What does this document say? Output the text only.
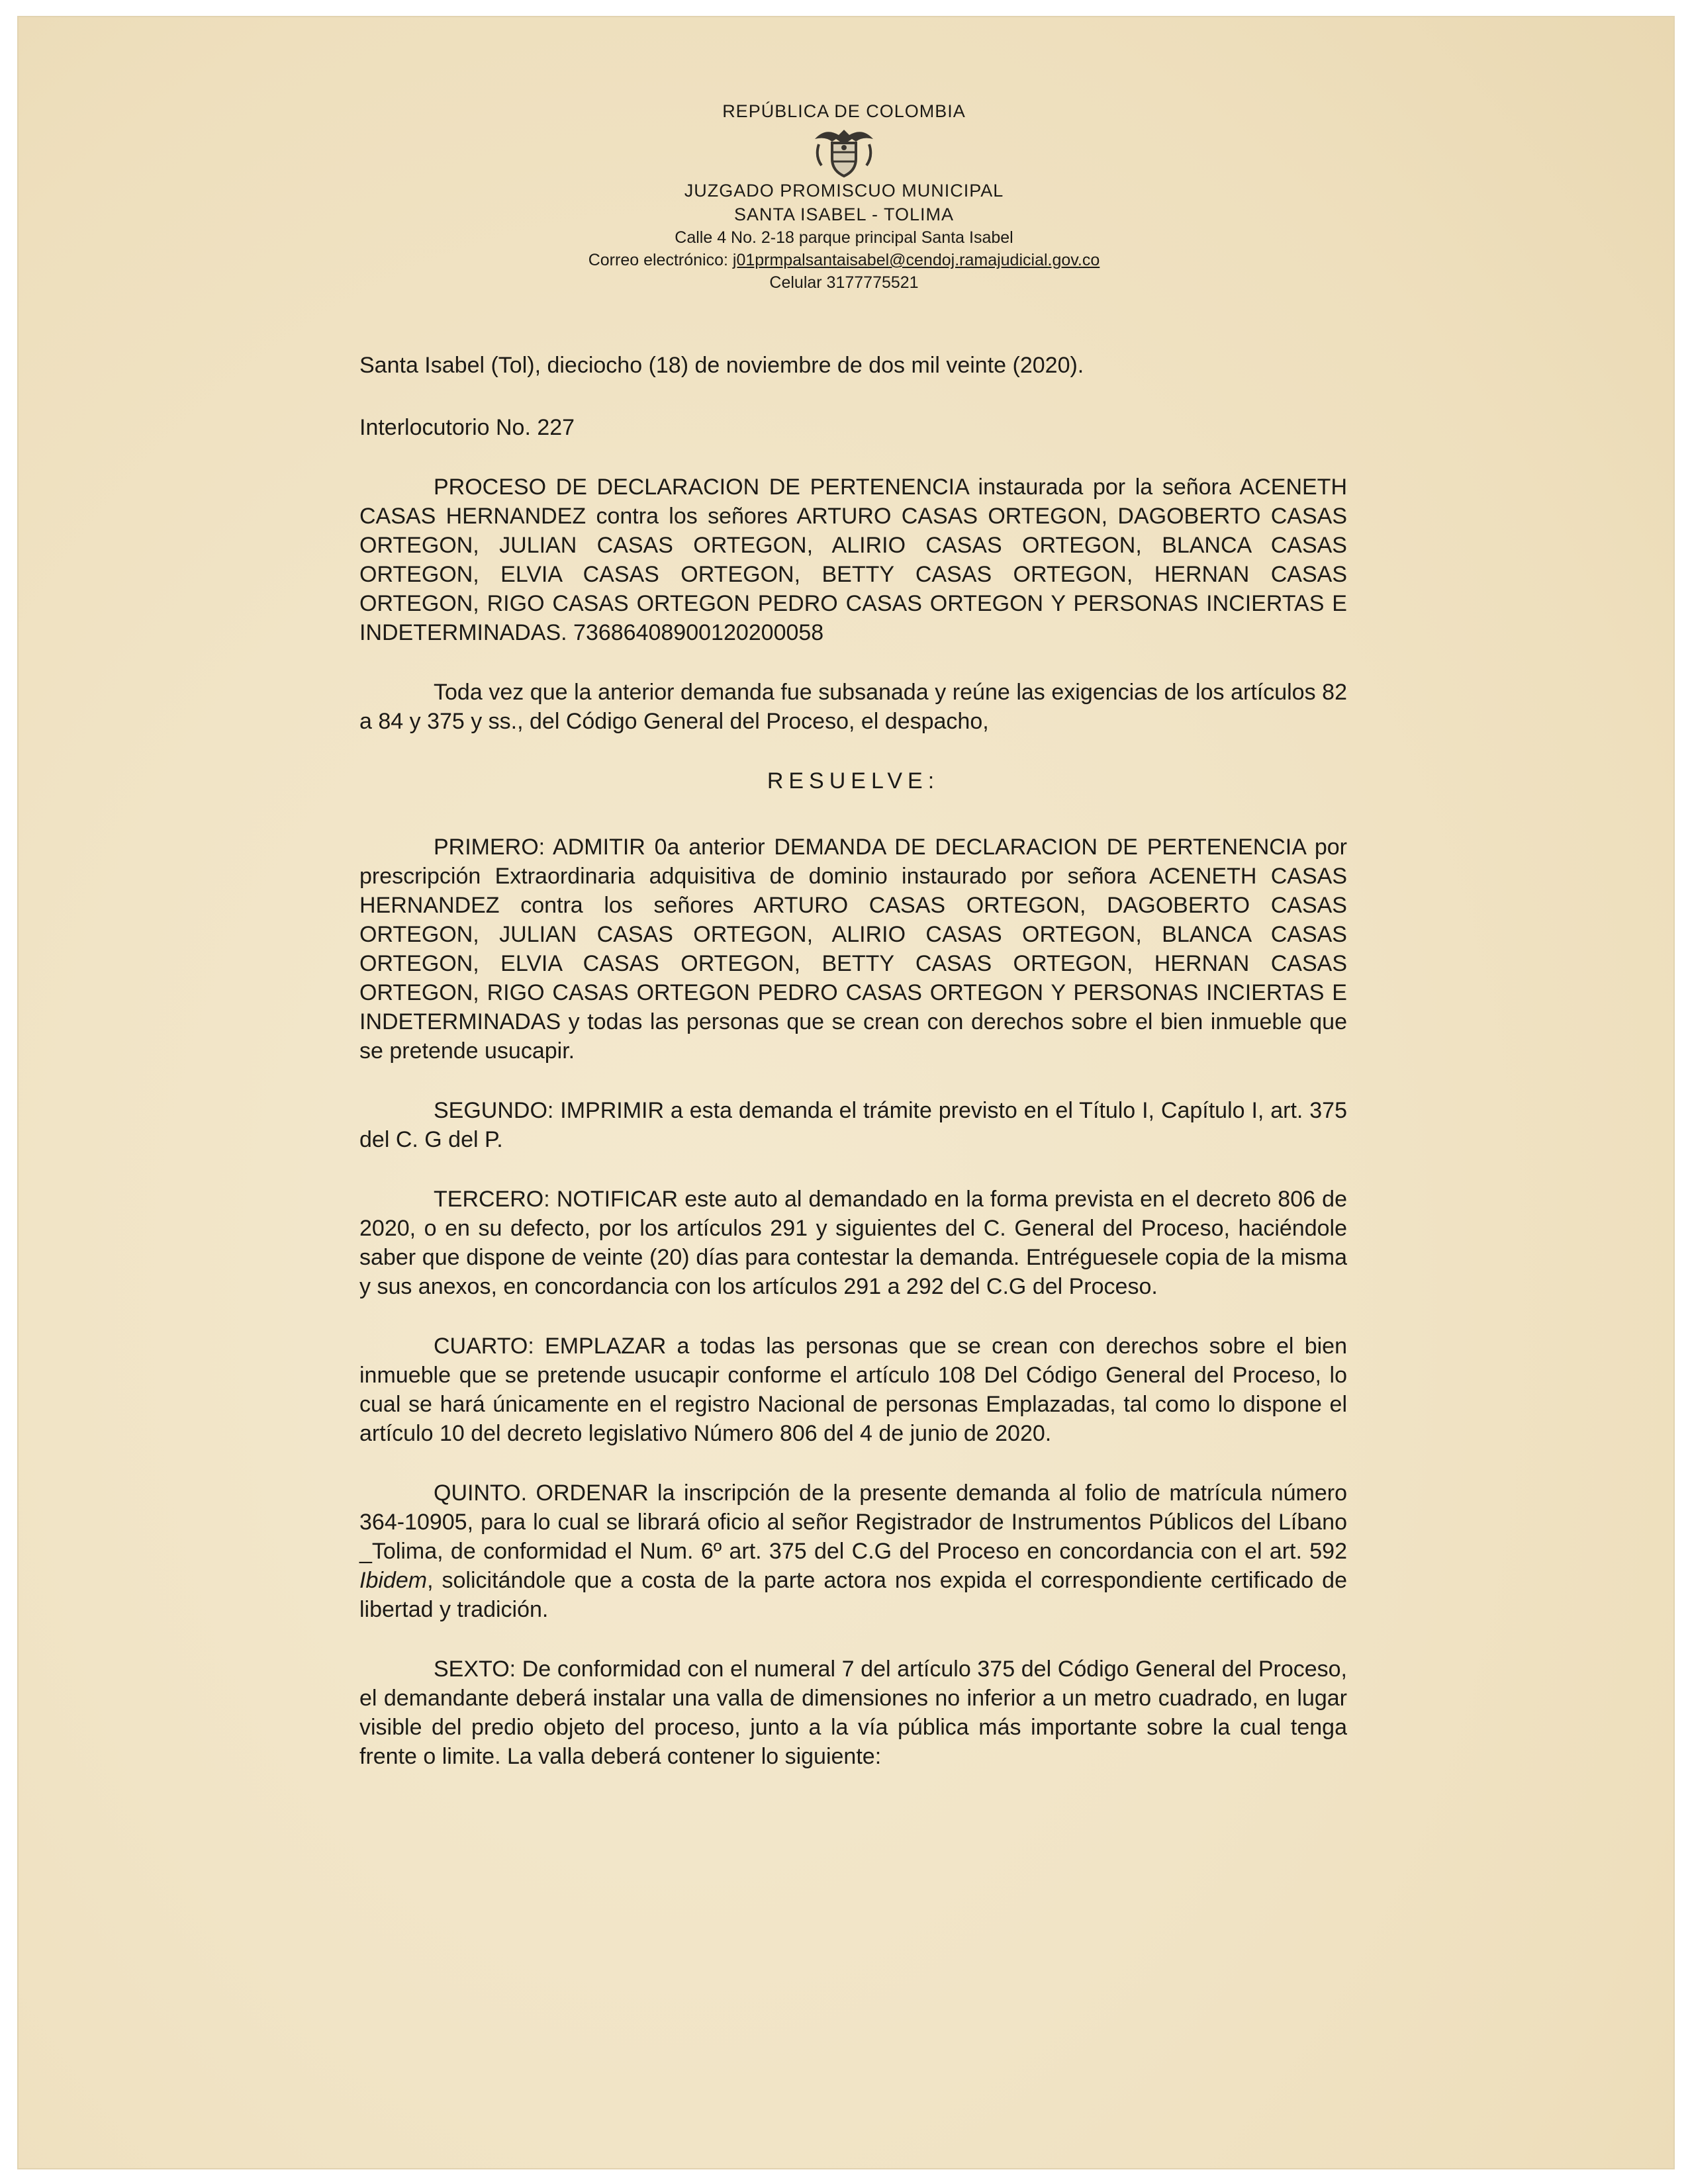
REPÚBLICA DE COLOMBIA
JUZGADO PROMISCUO MUNICIPAL
SANTA ISABEL - TOLIMA
Calle 4 No. 2-18 parque principal Santa Isabel
Correo electrónico: j01prmpalsantaisabel@cendoj.ramajudicial.gov.co
Celular 3177775521

Santa Isabel (Tol), dieciocho (18) de noviembre de dos mil veinte (2020).

Interlocutorio No. 227

PROCESO DE DECLARACION DE PERTENENCIA instaurada por la señora ACENETH CASAS HERNANDEZ contra los señores ARTURO CASAS ORTEGON, DAGOBERTO CASAS ORTEGON, JULIAN CASAS ORTEGON, ALIRIO CASAS ORTEGON, BLANCA CASAS ORTEGON, ELVIA CASAS ORTEGON, BETTY CASAS ORTEGON, HERNAN CASAS ORTEGON, RIGO CASAS ORTEGON PEDRO CASAS ORTEGON Y PERSONAS INCIERTAS E INDETERMINADAS. 73686408900120200058

Toda vez que la anterior demanda fue subsanada y reúne las exigencias de los artículos 82 a 84 y 375 y ss., del Código General del Proceso, el despacho,

RESUELVE:

PRIMERO: ADMITIR 0a anterior DEMANDA DE DECLARACION DE PERTENENCIA por prescripción Extraordinaria adquisitiva de dominio instaurado por señora ACENETH CASAS HERNANDEZ contra los señores ARTURO CASAS ORTEGON, DAGOBERTO CASAS ORTEGON, JULIAN CASAS ORTEGON, ALIRIO CASAS ORTEGON, BLANCA CASAS ORTEGON, ELVIA CASAS ORTEGON, BETTY CASAS ORTEGON, HERNAN CASAS ORTEGON, RIGO CASAS ORTEGON PEDRO CASAS ORTEGON Y PERSONAS INCIERTAS E INDETERMINADAS y todas las personas que se crean con derechos sobre el bien inmueble que se pretende usucapir.

SEGUNDO: IMPRIMIR a esta demanda el trámite previsto en el Título I, Capítulo I, art. 375 del C. G del P.

TERCERO: NOTIFICAR este auto al demandado en la forma prevista en el decreto 806 de 2020, o en su defecto, por los artículos 291 y siguientes del C. General del Proceso, haciéndole saber que dispone de veinte (20) días para contestar la demanda. Entréguesele copia de la misma y sus anexos, en concordancia con los artículos 291 a 292 del C.G del Proceso.

CUARTO: EMPLAZAR a todas las personas que se crean con derechos sobre el bien inmueble que se pretende usucapir conforme el artículo 108 Del Código General del Proceso, lo cual se hará únicamente en el registro Nacional de personas Emplazadas, tal como lo dispone el artículo 10 del decreto legislativo Número 806 del 4 de junio de 2020.

QUINTO. ORDENAR la inscripción de la presente demanda al folio de matrícula número 364-10905, para lo cual se librará oficio al señor Registrador de Instrumentos Públicos del Líbano _Tolima, de conformidad el Num. 6º art. 375 del C.G del Proceso en concordancia con el art. 592 Ibidem, solicitándole que a costa de la parte actora nos expida el correspondiente certificado de libertad y tradición.

SEXTO: De conformidad con el numeral 7 del artículo 375 del Código General del Proceso, el demandante deberá instalar una valla de dimensiones no inferior a un metro cuadrado, en lugar visible del predio objeto del proceso, junto a la vía pública más importante sobre la cual tenga frente o limite. La valla deberá contener lo siguiente:
